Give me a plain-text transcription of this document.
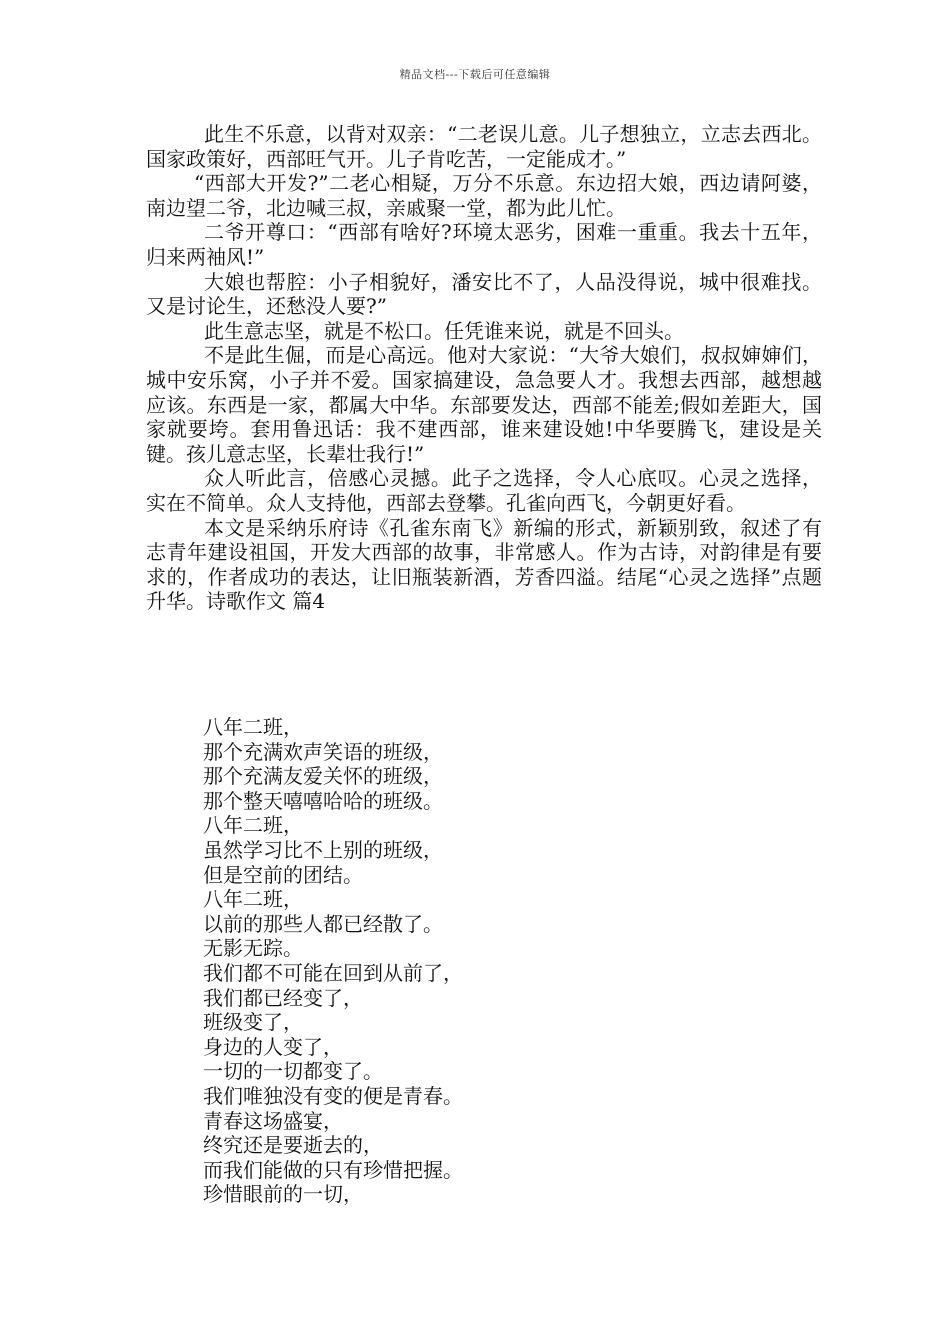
精品文档---下载后可任意编辑

此生不乐意，以背对双亲：“二老误儿意。儿子想独立，立志去西北。国家政策好，西部旺气开。儿子肯吃苦，一定能成才。”

“西部大开发?”二老心相疑，万分不乐意。东边招大娘，西边请阿婆，南边望二爷，北边喊三叔，亲戚聚一堂，都为此儿忙。

二爷开尊口：“西部有啥好?环境太恶劣，困难一重重。我去十五年，归来两袖风!”

大娘也帮腔：小子相貌好，潘安比不了，人品没得说，城中很难找。又是讨论生，还愁没人要?”

此生意志坚，就是不松口。任凭谁来说，就是不回头。

不是此生倔，而是心高远。他对大家说：“大爷大娘们，叔叔婶婶们，城中安乐窝，小子并不爱。国家搞建设，急急要人才。我想去西部，越想越应该。东西是一家，都属大中华。东部要发达，西部不能差;假如差距大，国家就要垮。套用鲁迅话：我不建西部，谁来建设她!中华要腾飞，建设是关键。孩儿意志坚，长辈壮我行!”

众人听此言，倍感心灵撼。此子之选择，令人心底叹。心灵之选择，实在不简单。众人支持他，西部去登攀。孔雀向西飞，今朝更好看。

本文是采纳乐府诗《孔雀东南飞》新编的形式，新颖别致，叙述了有志青年建设祖国，开发大西部的故事，非常感人。作为古诗，对韵律是有要求的，作者成功的表达，让旧瓶装新酒，芳香四溢。结尾“心灵之选择”点题升华。诗歌作文 篇4

八年二班，
那个充满欢声笑语的班级，
那个充满友爱关怀的班级，
那个整天嘻嘻哈哈的班级。
八年二班，
虽然学习比不上别的班级，
但是空前的团结。
八年二班，
以前的那些人都已经散了。
无影无踪。
我们都不可能在回到从前了，
我们都已经变了，
班级变了，
身边的人变了，
一切的一切都变了。
我们唯独没有变的便是青春。
青春这场盛宴，
终究还是要逝去的，
而我们能做的只有珍惜把握。
珍惜眼前的一切，
